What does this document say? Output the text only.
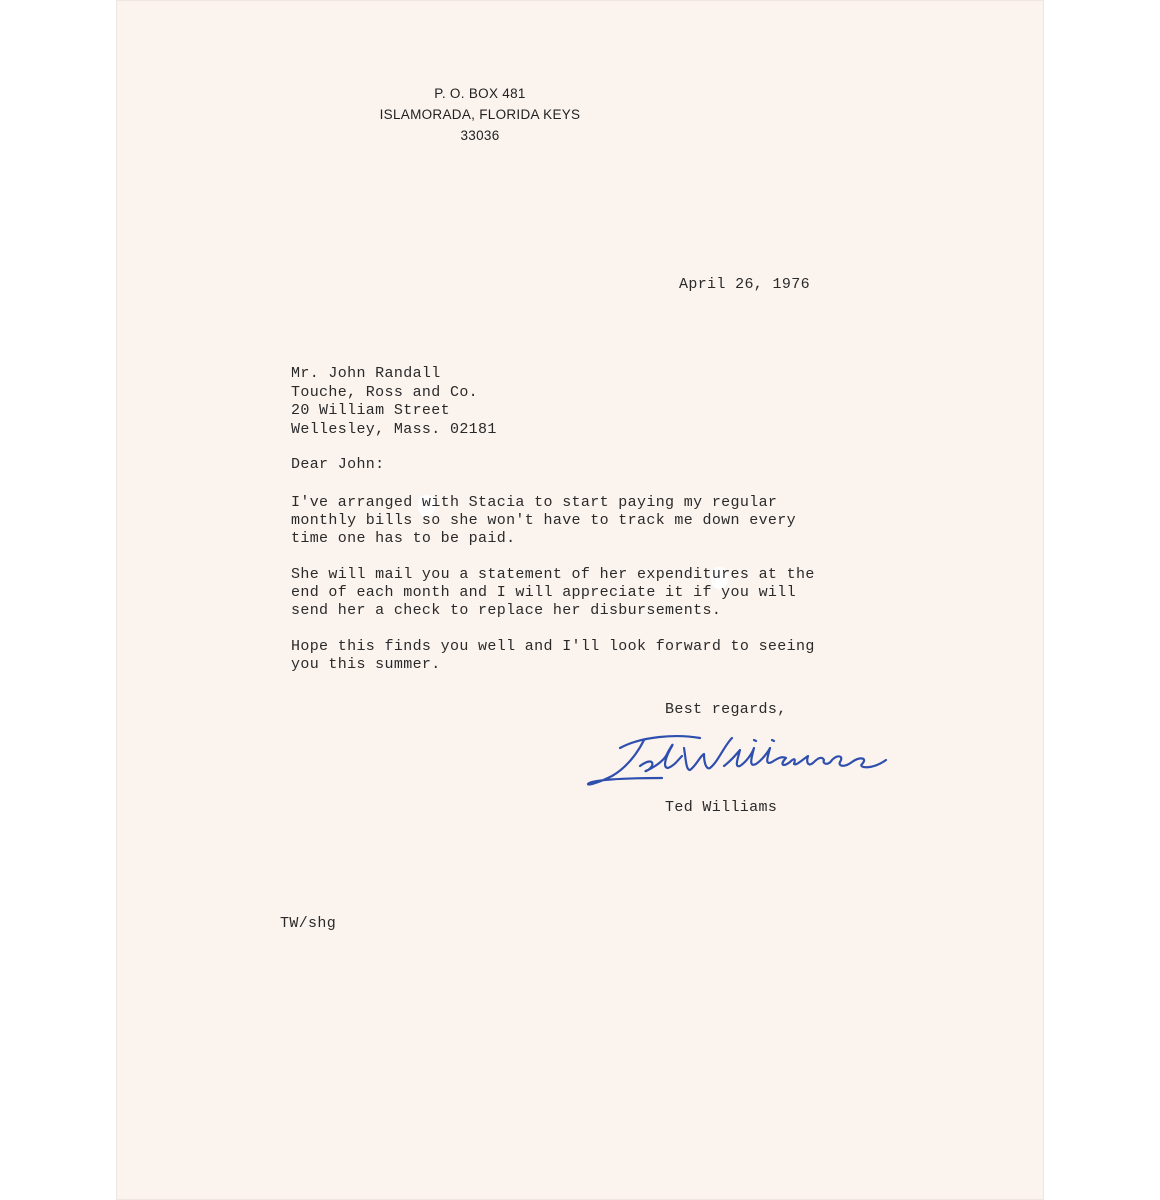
P. O. BOX 481
ISLAMORADA, FLORIDA KEYS
33036
April 26, 1976
Mr. John Randall
Touche, Ross and Co.
20 William Street
Wellesley, Mass. 02181
Dear John:
I've arranged with Stacia to start paying my regular
monthly bills so she won't have to track me down every
time one has to be paid.
She will mail you a statement of her expenditures at the
end of each month and I will appreciate it if you will
send her a check to replace her disbursements.
Hope this finds you well and I'll look forward to seeing
you this summer.
Best regards,
Ted Williams
TW/shg
